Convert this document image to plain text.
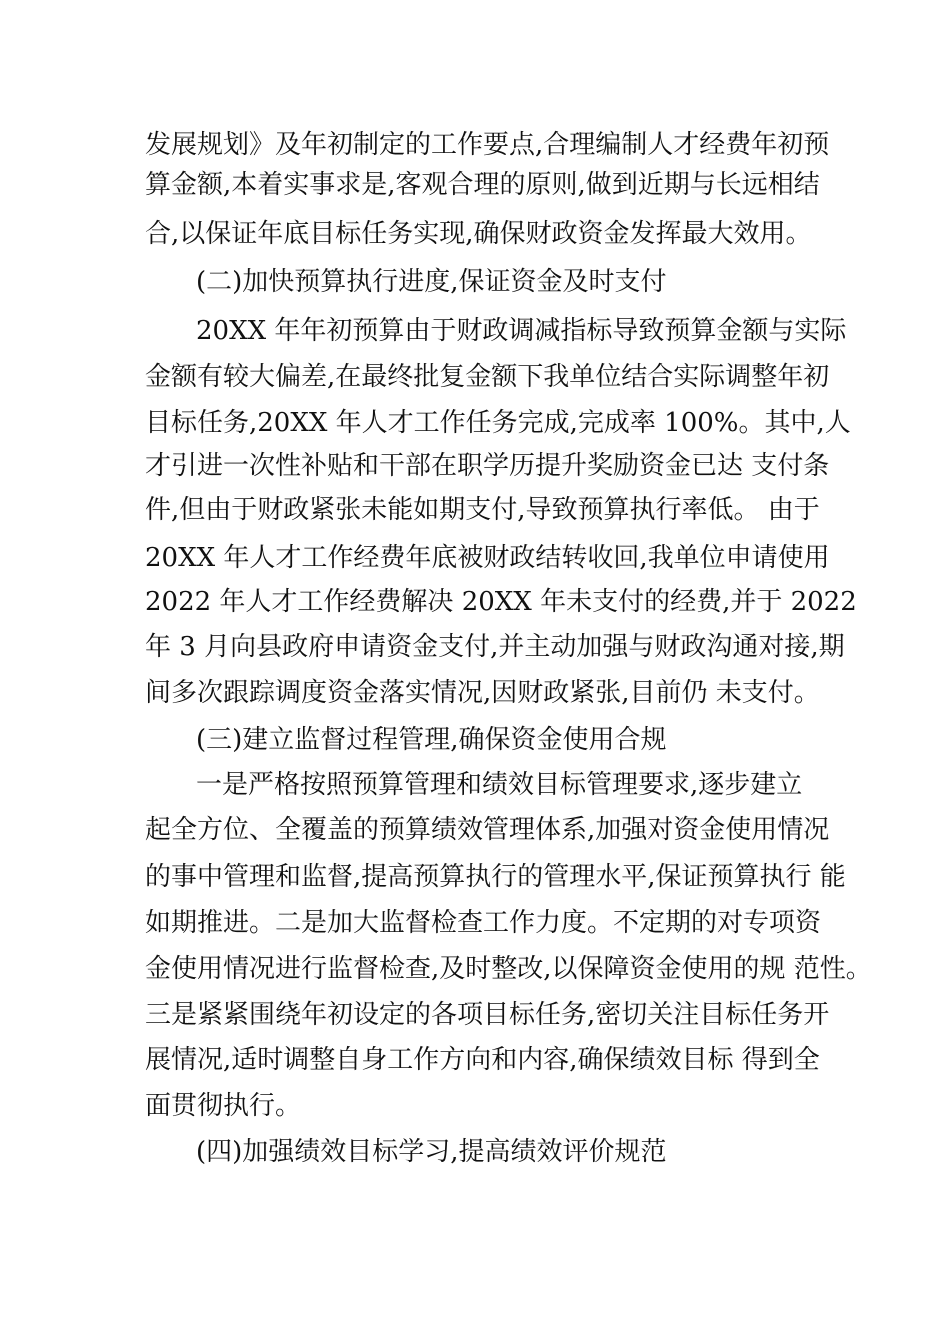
发展规划》及年初制定的工作要点,合理编制人才经费年初预
算金额,本着实事求是,客观合理的原则,做到近期与长远相结
合,以保证年底目标任务实现,确保财政资金发挥最大效用。
(二)加快预算执行进度,保证资金及时支付
20XX 年年初预算由于财政调减指标导致预算金额与实际
金额有较大偏差,在最终批复金额下我单位结合实际调整年初
目标任务,20XX 年人才工作任务完成,完成率 100%。其中,人
才引进一次性补贴和干部在职学历提升奖励资金已达 支付条
件,但由于财政紧张未能如期支付,导致预算执行率低。 由于
20XX 年人才工作经费年底被财政结转收回,我单位申请使用
2022 年人才工作经费解决 20XX 年未支付的经费,并于 2022
年 3 月向县政府申请资金支付,并主动加强与财政沟通对接,期
间多次跟踪调度资金落实情况,因财政紧张,目前仍 未支付。
(三)建立监督过程管理,确保资金使用合规
一是严格按照预算管理和绩效目标管理要求,逐步建立
起全方位、全覆盖的预算绩效管理体系,加强对资金使用情况
的事中管理和监督,提高预算执行的管理水平,保证预算执行 能
如期推进。二是加大监督检查工作力度。不定期的对专项资
金使用情况进行监督检查,及时整改,以保障资金使用的规 范性。
三是紧紧围绕年初设定的各项目标任务,密切关注目标任务开
展情况,适时调整自身工作方向和内容,确保绩效目标 得到全
面贯彻执行。
(四)加强绩效目标学习,提高绩效评价规范
